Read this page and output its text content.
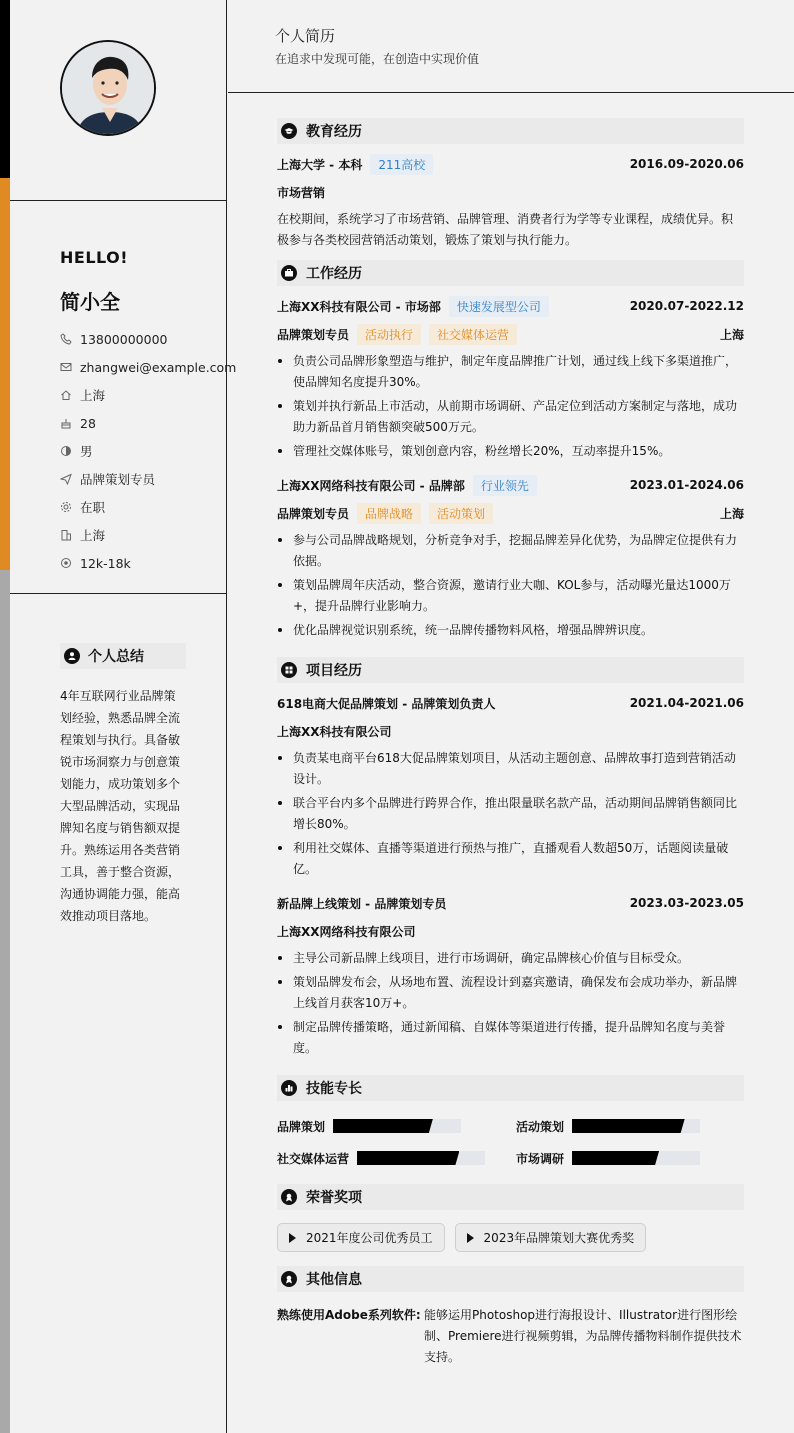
HELLO!
简小全
13800000000
zhangwei@example.com
上海
28
男
品牌策划专员
在职
上海
12k-18k
个人总结
4年互联网行业品牌策划经验，熟悉品牌全流程策划与执行。具备敏锐市场洞察力与创意策划能力，成功策划多个大型品牌活动，实现品牌知名度与销售额双提升。熟练运用各类营销工具，善于整合资源，沟通协调能力强，能高效推动项目落地。
个人简历
在追求中发现可能，在创造中实现价值
教育经历
上海大学 - 本科	211高校	2016.09-2020.06
市场营销
在校期间，系统学习了市场营销、品牌管理、消费者行为学等专业课程，成绩优异。积极参与各类校园营销活动策划，锻炼了策划与执行能力。
工作经历
上海XX科技有限公司 - 市场部	快速发展型公司	2020.07-2022.12
品牌策划专员	活动执行	社交媒体运营	上海
负责公司品牌形象塑造与维护，制定年度品牌推广计划，通过线上线下多渠道推广，使品牌知名度提升30%。
策划并执行新品上市活动，从前期市场调研、产品定位到活动方案制定与落地，成功助力新品首月销售额突破500万元。
管理社交媒体账号，策划创意内容，粉丝增长20%，互动率提升15%。
上海XX网络科技有限公司 - 品牌部	行业领先	2023.01-2024.06
品牌策划专员	品牌战略	活动策划	上海
参与公司品牌战略规划，分析竞争对手，挖掘品牌差异化优势，为品牌定位提供有力依据。
策划品牌周年庆活动，整合资源，邀请行业大咖、KOL参与，活动曝光量达1000万+，提升品牌行业影响力。
优化品牌视觉识别系统，统一品牌传播物料风格，增强品牌辨识度。
项目经历
618电商大促品牌策划 - 品牌策划负责人	2021.04-2021.06
上海XX科技有限公司
负责某电商平台618大促品牌策划项目，从活动主题创意、品牌故事打造到营销活动设计。
联合平台内多个品牌进行跨界合作，推出限量联名款产品，活动期间品牌销售额同比增长80%。
利用社交媒体、直播等渠道进行预热与推广，直播观看人数超50万，话题阅读量破亿。
新品牌上线策划 - 品牌策划专员	2023.03-2023.05
上海XX网络科技有限公司
主导公司新品牌上线项目，进行市场调研，确定品牌核心价值与目标受众。
策划品牌发布会，从场地布置、流程设计到嘉宾邀请，确保发布会成功举办，新品牌上线首月获客10万+。
制定品牌传播策略，通过新闻稿、自媒体等渠道进行传播，提升品牌知名度与美誉度。
技能专长
品牌策划	活动策划
社交媒体运营	市场调研
荣誉奖项
2021年度公司优秀员工	2023年品牌策划大赛优秀奖
其他信息
熟练使用Adobe系列软件: 能够运用Photoshop进行海报设计、Illustrator进行图形绘制、Premiere进行视频剪辑，为品牌传播物料制作提供技术支持。
